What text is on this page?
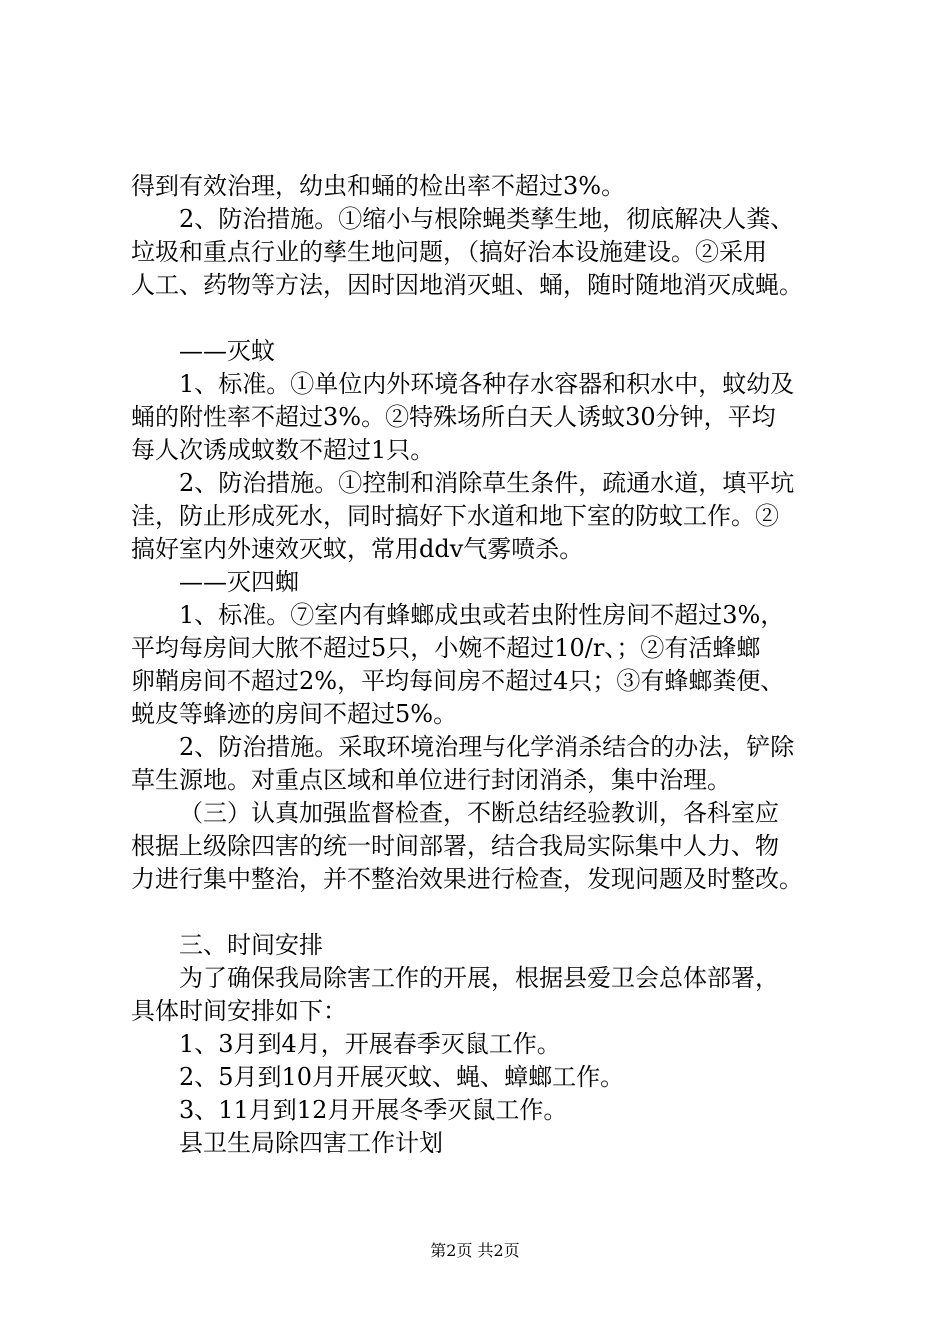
得到有效治理，幼虫和蛹的检出率不超过3%。
2、防治措施。①缩小与根除蝇类孳生地，彻底解决人粪、
垃圾和重点行业的孳生地问题，（搞好治本设施建设。②采用
人工、药物等方法，因时因地消灭蛆、蛹，随时随地消灭成蝇。
——灭蚊
1、标准。①单位内外环境各种存水容器和积水中，蚊幼及
蛹的附性率不超过3%。②特殊场所白天人诱蚊30分钟，平均
每人次诱成蚊数不超过1只。
2、防治措施。①控制和消除草生条件，疏通水道，填平坑
洼，防止形成死水，同时搞好下水道和地下室的防蚊工作。②
搞好室内外速效灭蚊，常用ddv气雾喷杀。
——灭四蜘
1、标准。⑦室内有蜂螂成虫或若虫附性房间不超过3%，
平均每房间大脓不超过5只，小婉不超过10/r、；②有活蜂螂
卵鞘房间不超过2%，平均每间房不超过4只；③有蜂螂粪便、
蜕皮等蜂迹的房间不超过5%。
2、防治措施。采取环境治理与化学消杀结合的办法，铲除
草生源地。对重点区域和单位进行封闭消杀，集中治理。
（三）认真加强监督检查，不断总结经验教训，各科室应
根据上级除四害的统一时间部署，结合我局实际集中人力、物
力进行集中整治，并不整治效果进行检查，发现问题及时整改。
三、时间安排
为了确保我局除害工作的开展，根据县爱卫会总体部署，
具体时间安排如下：
1、3月到4月，开展春季灭鼠工作。
2、5月到10月开展灭蚊、蝇、蟑螂工作。
3、11月到12月开展冬季灭鼠工作。
县卫生局除四害工作计划
第2页 共2页
